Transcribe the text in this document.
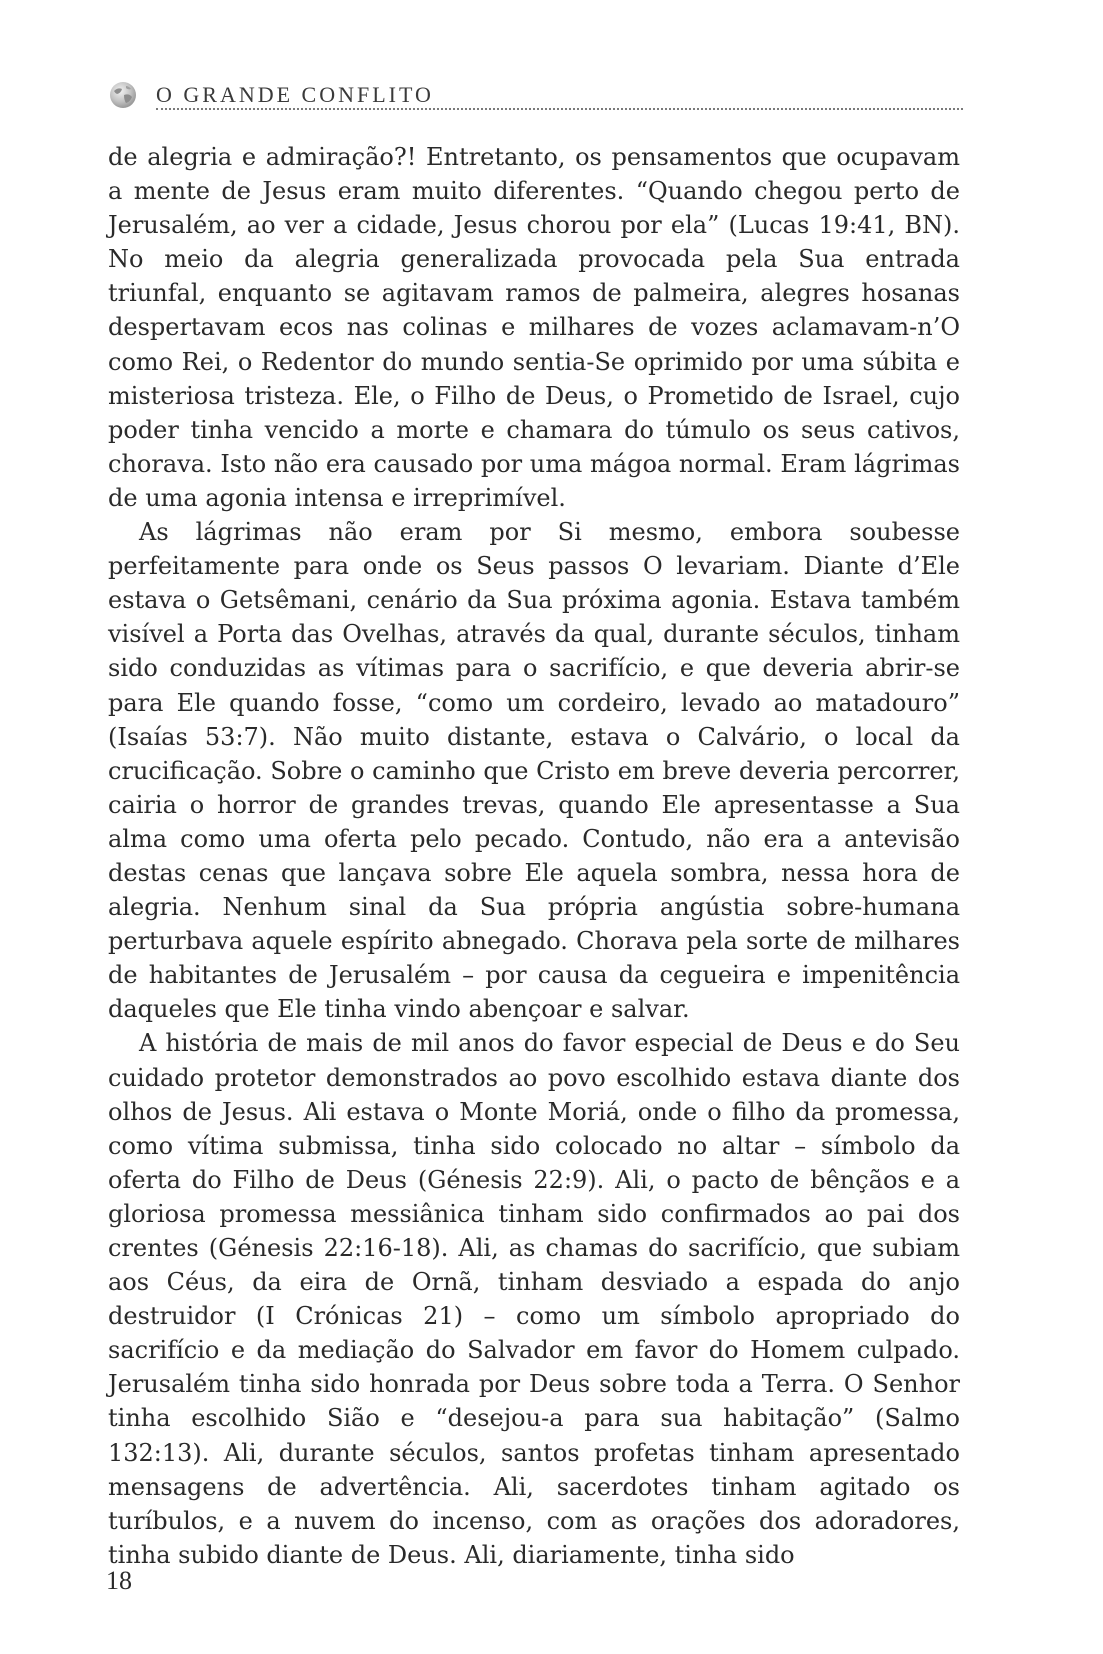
O GRANDE CONFLITO

de alegria e admiração?! Entretanto, os pensamentos que ocupavam a mente de Jesus eram muito diferentes. “Quando chegou perto de Jerusalém, ao ver a cidade, Jesus chorou por ela” (Lucas 19:41, BN). No meio da alegria generalizada provocada pela Sua entrada triunfal, enquanto se agitavam ramos de palmeira, alegres hosanas despertavam ecos nas colinas e milhares de vozes aclamavam-n’O como Rei, o Redentor do mundo sentia-Se oprimido por uma súbita e misteriosa tristeza. Ele, o Filho de Deus, o Prometido de Israel, cujo poder tinha vencido a morte e chamara do túmulo os seus cativos, chorava. Isto não era causado por uma mágoa normal. Eram lágrimas de uma agonia intensa e irreprimível.

As lágrimas não eram por Si mesmo, embora soubesse perfeitamente para onde os Seus passos O levariam. Diante d’Ele estava o Getsêmani, cenário da Sua próxima agonia. Estava também visível a Porta das Ovelhas, através da qual, durante séculos, tinham sido conduzidas as vítimas para o sacrifício, e que deveria abrir-se para Ele quando fosse, “como um cordeiro, levado ao matadouro” (Isaías 53:7). Não muito distante, estava o Calvário, o local da crucificação. Sobre o caminho que Cristo em breve deveria percorrer, cairia o horror de grandes trevas, quando Ele apresentasse a Sua alma como uma oferta pelo pecado. Contudo, não era a antevisão destas cenas que lançava sobre Ele aquela sombra, nessa hora de alegria. Nenhum sinal da Sua própria angústia sobre-humana perturbava aquele espírito abnegado. Chorava pela sorte de milhares de habitantes de Jerusalém – por causa da cegueira e impenitência daqueles que Ele tinha vindo abençoar e salvar.

A história de mais de mil anos do favor especial de Deus e do Seu cuidado protetor demonstrados ao povo escolhido estava diante dos olhos de Jesus. Ali estava o Monte Moriá, onde o filho da promessa, como vítima submissa, tinha sido colocado no altar – símbolo da oferta do Filho de Deus (Génesis 22:9). Ali, o pacto de bênçãos e a gloriosa promessa messiânica tinham sido confirmados ao pai dos crentes (Génesis 22:16-18). Ali, as chamas do sacrifício, que subiam aos Céus, da eira de Ornã, tinham desviado a espada do anjo destruidor (I Crónicas 21) – como um símbolo apropriado do sacrifício e da mediação do Salvador em favor do Homem culpado. Jerusalém tinha sido honrada por Deus sobre toda a Terra. O Senhor tinha escolhido Sião e “desejou-a para sua habitação” (Salmo 132:13). Ali, durante séculos, santos profetas tinham apresentado mensagens de advertência. Ali, sacerdotes tinham agitado os turíbulos, e a nuvem do incenso, com as orações dos adoradores, tinha subido diante de Deus. Ali, diariamente, tinha sido

18
